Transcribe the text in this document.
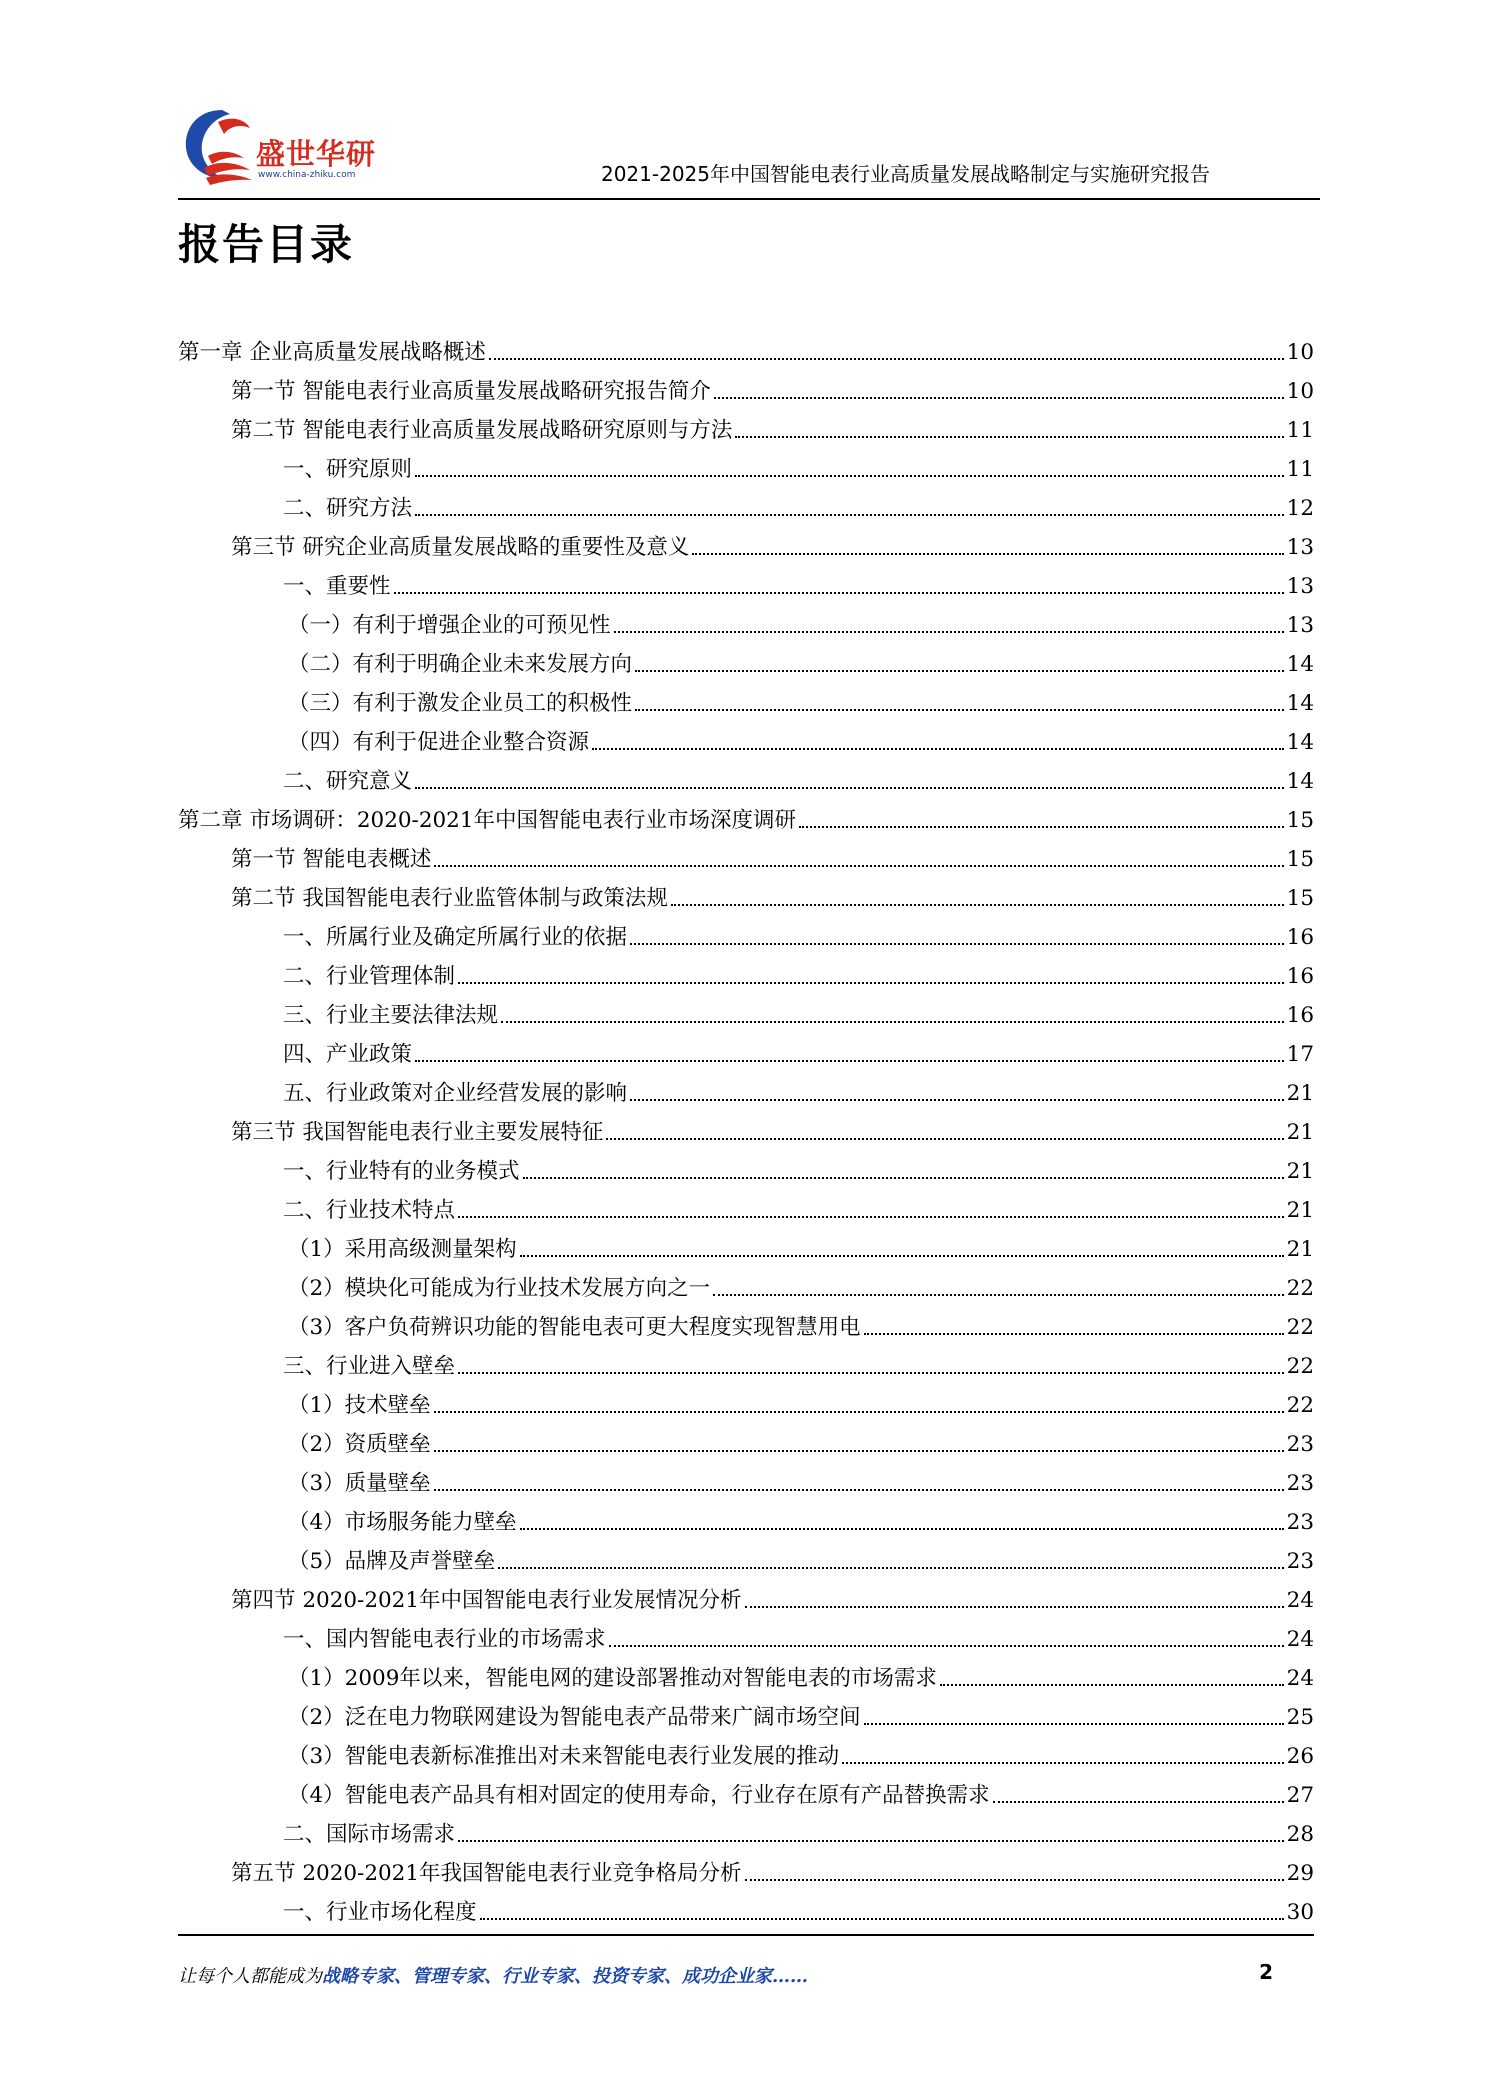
盛世华研
www.china-zhiku.com	2021-2025年中国智能电表行业高质量发展战略制定与实施研究报告
报告目录
第一章 企业高质量发展战略概述	10
第一节 智能电表行业高质量发展战略研究报告简介	10
第二节 智能电表行业高质量发展战略研究原则与方法	11
一、研究原则	11
二、研究方法	12
第三节 研究企业高质量发展战略的重要性及意义	13
一、重要性	13
（一）有利于增强企业的可预见性	13
（二）有利于明确企业未来发展方向	14
（三）有利于激发企业员工的积极性	14
（四）有利于促进企业整合资源	14
二、研究意义	14
第二章 市场调研：2020-2021年中国智能电表行业市场深度调研	15
第一节 智能电表概述	15
第二节 我国智能电表行业监管体制与政策法规	15
一、所属行业及确定所属行业的依据	16
二、行业管理体制	16
三、行业主要法律法规	16
四、产业政策	17
五、行业政策对企业经营发展的影响	21
第三节 我国智能电表行业主要发展特征	21
一、行业特有的业务模式	21
二、行业技术特点	21
（1）采用高级测量架构	21
（2）模块化可能成为行业技术发展方向之一	22
（3）客户负荷辨识功能的智能电表可更大程度实现智慧用电	22
三、行业进入壁垒	22
（1）技术壁垒	22
（2）资质壁垒	23
（3）质量壁垒	23
（4）市场服务能力壁垒	23
（5）品牌及声誉壁垒	23
第四节 2020-2021年中国智能电表行业发展情况分析	24
一、国内智能电表行业的市场需求	24
（1）2009年以来，智能电网的建设部署推动对智能电表的市场需求	24
（2）泛在电力物联网建设为智能电表产品带来广阔市场空间	25
（3）智能电表新标准推出对未来智能电表行业发展的推动	26
（4）智能电表产品具有相对固定的使用寿命，行业存在原有产品替换需求	27
二、国际市场需求	28
第五节 2020-2021年我国智能电表行业竞争格局分析	29
一、行业市场化程度	30
让每个人都能成为战略专家、管理专家、行业专家、投资专家、成功企业家……	2
